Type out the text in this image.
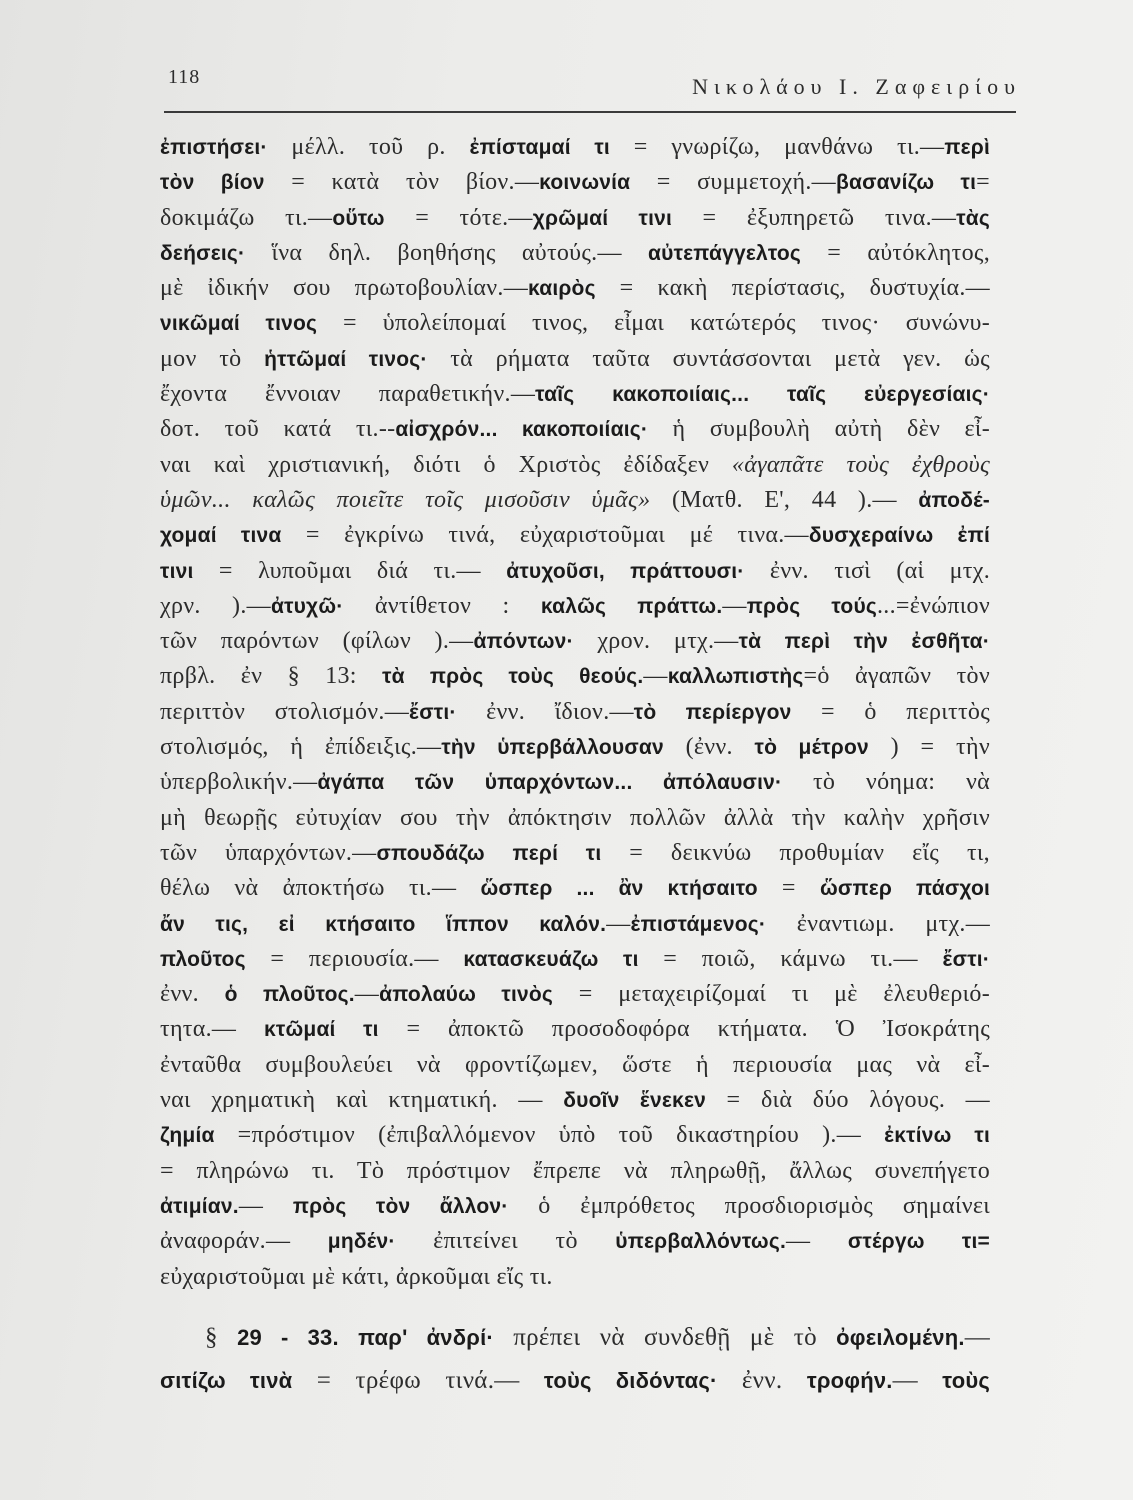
118	Νικολάου Ι. Ζαφειρίου
ἐπιστήσει· μέλλ. τοῦ ρ. ἐπίσταμαί τι = γνωρίζω, μανθάνω τι.—περὶ
τὸν βίον = κατὰ τὸν βίον.—κοινωνία = συμμετοχή.—βασανίζω τι=
δοκιμάζω τι.—οὕτω = τότε.—χρῶμαί τινι = ἐξυπηρετῶ τινα.—τὰς
δεήσεις· ἵνα δηλ. βοηθήσης αὐτούς.— αὐτεπάγγελτος = αὐτόκλητος,
μὲ ἰδικήν σου πρωτοβουλίαν.—καιρὸς = κακὴ περίστασις, δυστυχία.—
νικῶμαί τινος = ὑπολείπομαί τινος, εἶμαι κατώτερός τινος· συνώνυ-
μον τὸ ἡττῶμαί τινος· τὰ ρήματα ταῦτα συντάσσονται μετὰ γεν. ὡς
ἔχοντα ἔννοιαν παραθετικήν.—ταῖς κακοποιίαις... ταῖς εὐεργεσίαις·
δοτ. τοῦ κατά τι.--αἰσχρόν... κακοποιίαις· ἡ συμβουλὴ αὐτὴ δὲν εἶ-
ναι καὶ χριστιανική, διότι ὁ Χριστὸς ἐδίδαξεν «ἀγαπᾶτε τοὺς ἐχθροὺς
ὑμῶν... καλῶς ποιεῖτε τοῖς μισοῦσιν ὑμᾶς» (Ματθ. Ε', 44 ).— ἀποδέ-
χομαί τινα = ἐγκρίνω τινά, εὐχαριστοῦμαι μέ τινα.—δυσχεραίνω ἐπί
τινι = λυποῦμαι διά τι.— ἀτυχοῦσι, πράττουσι· ἐνν. τισὶ (αἱ μτχ.
χρν. ).—ἀτυχῶ· ἀντίθετον : καλῶς πράττω.—πρὸς τούς...=ἐνώπιον
τῶν παρόντων (φίλων ).—ἀπόντων· χρον. μτχ.—τὰ περὶ τὴν ἐσθῆτα·
πρβλ. ἐν § 13: τὰ πρὸς τοὺς θεούς.—καλλωπιστὴς=ὁ ἀγαπῶν τὸν
περιττὸν στολισμόν.—ἔστι· ἐνν. ἴδιον.—τὸ περίεργον = ὁ περιττὸς
στολισμός, ἡ ἐπίδειξις.—τὴν ὑπερβάλλουσαν (ἐνν. τὸ μέτρον ) = τὴν
ὑπερβολικήν.—ἀγάπα τῶν ὑπαρχόντων... ἀπόλαυσιν· τὸ νόημα: νὰ
μὴ θεωρῇς εὐτυχίαν σου τὴν ἀπόκτησιν πολλῶν ἀλλὰ τὴν καλὴν χρῆσιν
τῶν ὑπαρχόντων.—σπουδάζω περί τι = δεικνύω προθυμίαν εἴς τι,
θέλω νὰ ἀποκτήσω τι.— ὥσπερ ... ἂν κτήσαιτο = ὥσπερ πάσχοι
ἄν τις, εἰ κτήσαιτο ἵππον καλόν.—ἐπιστάμενος· ἐναντιωμ. μτχ.—
πλοῦτος = περιουσία.— κατασκευάζω τι = ποιῶ, κάμνω τι.— ἔστι·
ἐνν. ὁ πλοῦτος.—ἀπολαύω τινὸς = μεταχειρίζομαί τι μὲ ἐλευθεριό-
τητα.— κτῶμαί τι = ἀποκτῶ προσοδοφόρα κτήματα. Ὁ Ἰσοκράτης
ἐνταῦθα συμβουλεύει νὰ φροντίζωμεν, ὥστε ἡ περιουσία μας νὰ εἶ-
ναι χρηματικὴ καὶ κτηματική. — δυοῖν ἕνεκεν = διὰ δύο λόγους. —
ζημία =πρόστιμον (ἐπιβαλλόμενον ὑπὸ τοῦ δικαστηρίου ).— ἐκτίνω τι
= πληρώνω τι. Τὸ πρόστιμον ἔπρεπε νὰ πληρωθῇ, ἄλλως συνεπήγετο
ἀτιμίαν.— πρὸς τὸν ἄλλον· ὁ ἐμπρόθετος προσδιορισμὸς σημαίνει
ἀναφοράν.— μηδέν· ἐπιτείνει τὸ ὑπερβαλλόντως.— στέργω τι=
εὐχαριστοῦμαι μὲ κάτι, ἀρκοῦμαι εἴς τι.
§ 29 - 33. παρ' ἀνδρί· πρέπει νὰ συνδεθῇ μὲ τὸ ὀφειλομένη.—
σιτίζω τινὰ = τρέφω τινά.— τοὺς διδόντας· ἐνν. τροφήν.— τοὺς
